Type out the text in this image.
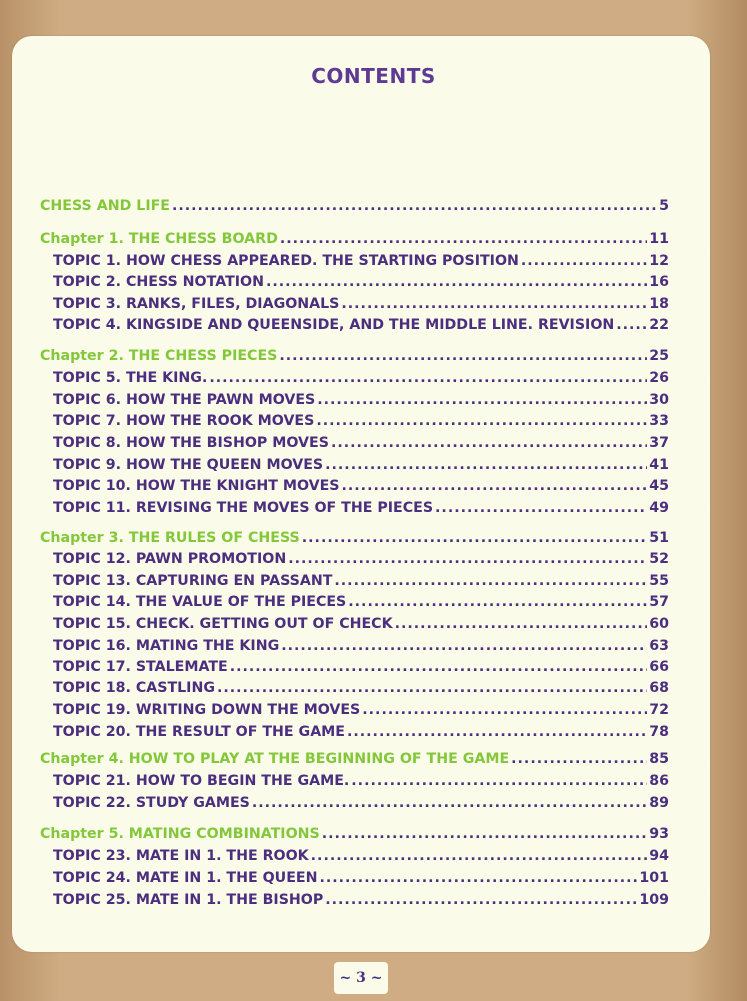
CONTENTS
CHESS AND LIFE .....	5
Chapter 1. THE CHESS BOARD .....	11
TOPIC 1. HOW CHESS APPEARED. THE STARTING POSITION .....	12
TOPIC 2. CHESS NOTATION .....	16
TOPIC 3. RANKS, FILES, DIAGONALS .....	18
TOPIC 4. KINGSIDE AND QUEENSIDE, AND THE MIDDLE LINE. REVISION ..... 22
Chapter 2. THE CHESS PIECES .....	25
TOPIC 5. THE KING. .....	26
TOPIC 6. HOW THE PAWN MOVES .....	30
TOPIC 7. HOW THE ROOK MOVES .....	33
TOPIC 8. HOW THE BISHOP MOVES .....	37
TOPIC 9. HOW THE QUEEN MOVES .....	41
TOPIC 10. HOW THE KNIGHT MOVES .....	45
TOPIC 11. REVISING THE MOVES OF THE PIECES .....	49
Chapter 3. THE RULES OF CHESS .....	51
TOPIC 12. PAWN PROMOTION .....	52
TOPIC 13. CAPTURING EN PASSANT .....	55
TOPIC 14. THE VALUE OF THE PIECES .....	57
TOPIC 15. CHECK. GETTING OUT OF CHECK .....	60
TOPIC 16. MATING THE KING .....	63
TOPIC 17. STALEMATE .....	66
TOPIC 18. CASTLING .....	68
TOPIC 19. WRITING DOWN THE MOVES .....	72
TOPIC 20. THE RESULT OF THE GAME .....	78
Chapter 4. HOW TO PLAY AT THE BEGINNING OF THE GAME .....	85
TOPIC 21. HOW TO BEGIN THE GAME. .....	86
TOPIC 22. STUDY GAMES .....	89
Chapter 5. MATING COMBINATIONS .....	93
TOPIC 23. MATE IN 1. THE ROOK .....	94
TOPIC 24. MATE IN 1. THE QUEEN .....	101
TOPIC 25. MATE IN 1. THE BISHOP .....	109
~ 3 ~
